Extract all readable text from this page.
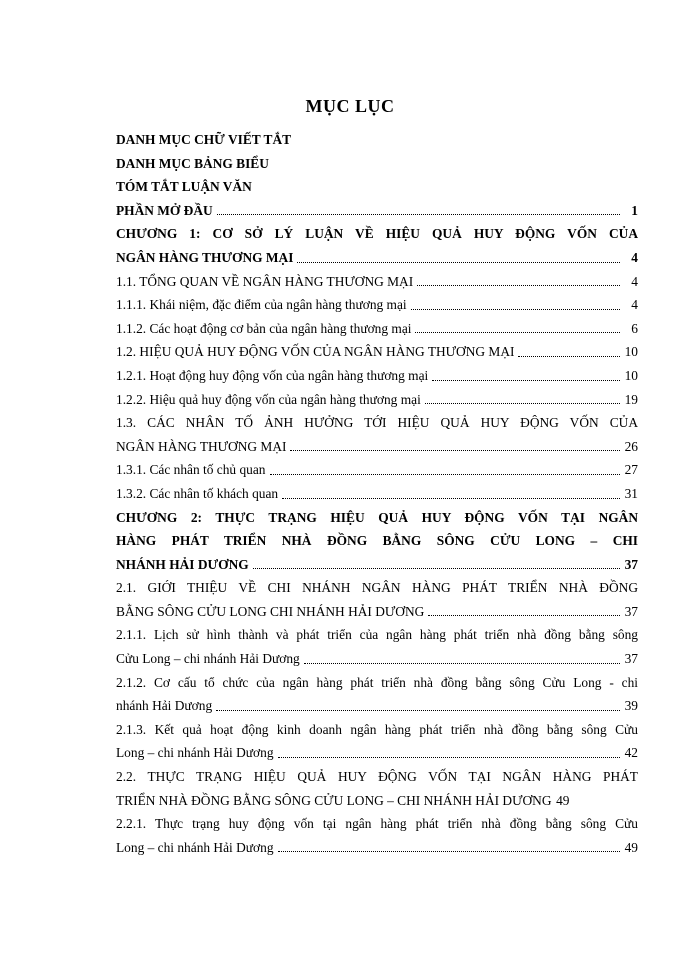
MỤC LỤC
DANH MỤC CHỮ VIẾT TẮT
DANH MỤC BẢNG BIỂU
TÓM TẮT LUẬN VĂN
PHẦN MỞ ĐẦU	1
CHƯƠNG 1: CƠ SỞ LÝ LUẬN VỀ HIỆU QUẢ HUY ĐỘNG VỐN CỦA
NGÂN HÀNG THƯƠNG MẠI	4
1.1. TỔNG QUAN VỀ NGÂN HÀNG THƯƠNG MẠI	4
1.1.1. Khái niệm, đặc điểm của ngân hàng thương mại	4
1.1.2. Các hoạt động cơ bản của ngân hàng thương mại	6
1.2. HIỆU QUẢ HUY ĐỘNG VỐN CỦA NGÂN HÀNG THƯƠNG MẠI	10
1.2.1. Hoạt động huy động vốn của ngân hàng thương mại	10
1.2.2. Hiệu quả huy động vốn của ngân hàng thương mại	19
1.3. CÁC NHÂN TỐ ẢNH HƯỞNG TỚI HIỆU QUẢ HUY ĐỘNG VỐN CỦA
NGÂN HÀNG THƯƠNG MẠI	26
1.3.1. Các nhân tố chủ quan	27
1.3.2. Các nhân tố khách quan	31
CHƯƠNG 2: THỰC TRẠNG HIỆU QUẢ HUY ĐỘNG VỐN TẠI NGÂN
HÀNG PHÁT TRIỂN NHÀ ĐỒNG BẰNG SÔNG CỬU LONG – CHI
NHÁNH HẢI DƯƠNG	37
2.1. GIỚI THIỆU VỀ CHI NHÁNH NGÂN HÀNG PHÁT TRIỂN NHÀ ĐỒNG
BẰNG SÔNG CỬU LONG CHI NHÁNH HẢI DƯƠNG	37
2.1.1. Lịch sử hình thành và phát triển của ngân hàng phát triển nhà đồng bằng sông
Cửu Long – chi nhánh Hải Dương	37
2.1.2. Cơ cấu tổ chức của ngân hàng phát triển nhà đồng bằng sông Cửu Long - chi
nhánh Hải Dương	39
2.1.3. Kết quả hoạt động kinh doanh ngân hàng phát triển nhà đồng bằng sông Cửu
Long – chi nhánh Hải Dương	42
2.2. THỰC TRẠNG HIỆU QUẢ HUY ĐỘNG VỐN TẠI NGÂN HÀNG PHÁT
TRIỂN NHÀ ĐỒNG BẰNG SÔNG CỬU LONG – CHI NHÁNH HẢI DƯƠNG 49
2.2.1. Thực trạng huy động vốn tại ngân hàng phát triển nhà đồng bằng sông Cửu
Long – chi nhánh Hải Dương	49
